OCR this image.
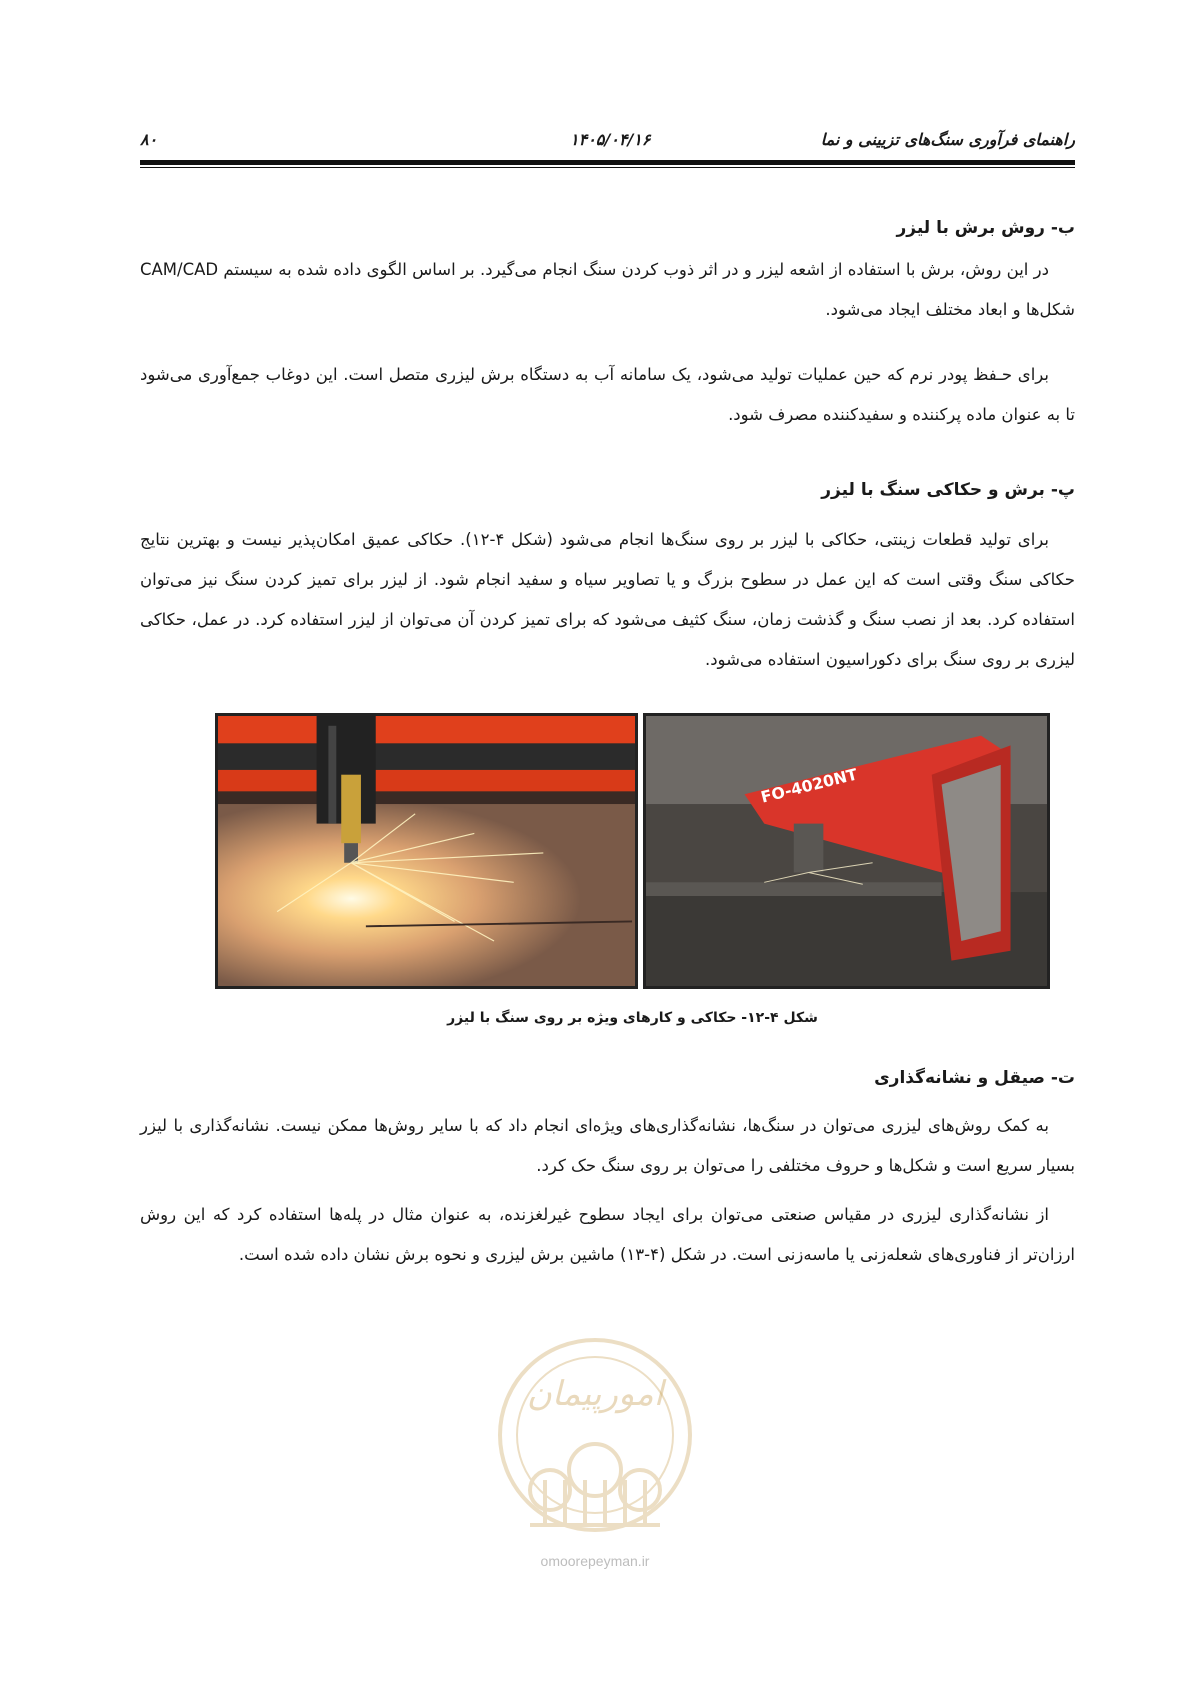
۸۰	۱۴۰۵/۰۴/۱۶	راهنمای فرآوری سنگ‌های تزیینی و نما
ب- روش برش با لیزر

در این روش، برش با استفاده از اشعه لیزر و در اثر ذوب کردن سنگ انجام می‌گیرد. بر اساس الگوی داده شده به سیستم CAM/CAD شکل‌ها و ابعاد مختلف ایجاد می‌شود.

برای حـفظ پودر نرم که حین عملیات تولید می‌شود، یک سامانه آب به دستگاه برش لیزری متصل است. این دوغاب جمع‌آوری می‌شود تا به عنوان ماده پرکننده و سفیدکننده مصرف شود.

پ- برش و حکاکی سنگ با لیزر

برای تولید قطعات زینتی، حکاکی با لیزر بر روی سنگ‌ها انجام می‌شود (شکل ۴-۱۲). حکاکی عمیق امکان‌پذیر نیست و بهترین نتایج حکاکی سنگ وقتی است که این عمل در سطوح بزرگ و یا تصاویر سیاه و سفید انجام شود. از لیزر برای تمیز کردن سنگ نیز می‌توان استفاده کرد. بعد از نصب سنگ و گذشت زمان، سنگ کثیف می‌شود که برای تمیز کردن آن می‌توان از لیزر استفاده کرد. در عمل، حکاکی لیزری بر روی سنگ برای دکوراسیون استفاده می‌شود.

FO-4020NT
شکل ۴-۱۲- حکاکی و کارهای ویژه بر روی سنگ با لیزر
ت- صیقل و نشانه‌گذاری

به کمک روش‌های لیزری می‌توان در سنگ‌ها، نشانه‌گذاری‌های ویژه‌ای انجام داد که با سایر روش‌ها ممکن نیست. نشانه‌گذاری با لیزر بسیار سریع است و شکل‌ها و حروف مختلفی را می‌توان بر روی سنگ حک کرد.

از نشانه‌گذاری لیزری در مقیاس صنعتی می‌توان برای ایجاد سطوح غیرلغزنده، به عنوان مثال در پله‌ها استفاده کرد که این روش ارزان‌تر از فناوری‌های شعله‌زنی یا ماسه‌زنی است. در شکل (۴-۱۳) ماشین برش لیزری و نحوه برش نشان داده شده است.

امورپیمان
omoorepeyman.ir
